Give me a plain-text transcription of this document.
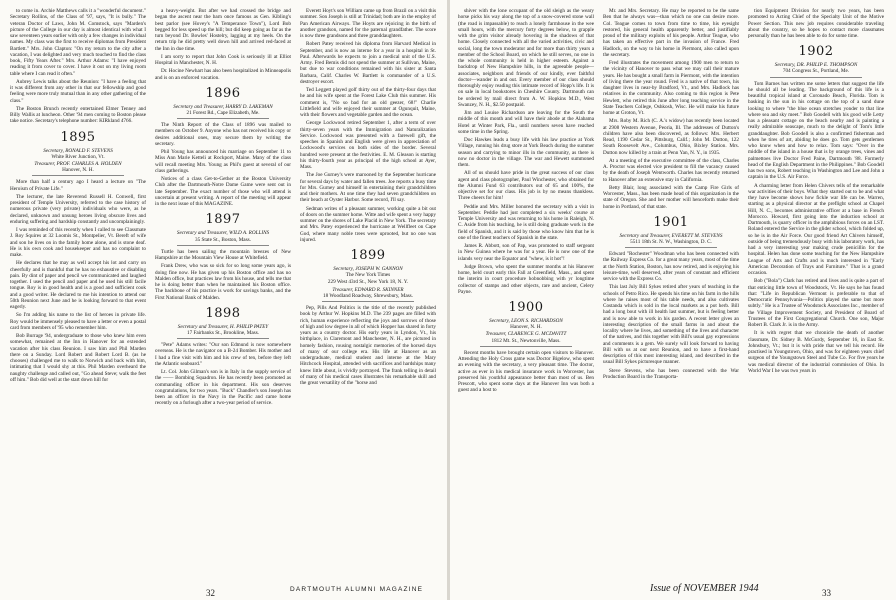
to come in. Archie Matthews calls it a "wonderful document." Secretary Rollins, of the Class of '97, says, "It is bully." The veteran Doctor of Laws, John M. Comstock, says "Marden's picture of the College in our day is almost identical with what I saw seventeen years earlier with only a few changes in individual names. My class was the first to receive diplomas from President Bartlett." Mrs. John Clapton: "On my return to the city after a vacation, I was delighted and very much touched to find the class book, Fifty Years After." Mrs. Arthur Adams: "I have enjoyed reading it from cover to cover. I have it out on my living room table where I can read it often."

Aubrey Lewis talks about the Reunion: "I have a feeling that it was different from any other in that our fellowship and good feeling were more truly mutual than in any other gathering of the class."

The Boston Brunch recently entertained Elmer Tenney and Billy Wallis at luncheon. Other '94 men coming to Boston please take notice. Secretary's telephone number: KIRkland 4766.

1895
Secretary, RONALD F. STEVENS
White River Junction, Vt.
Treasurer, PROF. CHARLES A. HOLDEN
Hanover, N. H.

More than half a century ago I heard a lecture on "The Heroism of Private Life."

The lecturer, the late Reverend Russell H. Conwell, first president of Temple University, referred to the case history of numerous private (very private) individuals who were, as he declared, unknown and unsung heroes living obscure lives and enduring suffering and hardship constantly and uncomplainingly.

I was reminded of this recently when I called to see Classmate J. Roy Squires at 32 Loomis St., Montpelier, Vt. Bereft of wife and son he lives on in the family home alone, and is stone deaf. He is his own cook and housekeeper and has no complaint to make.

He declares that he may as well accept his lot and carry on cheerfully and is thankful that he has no exhaustive or disabling pain. By dint of paper and pencil we communicated and laughed together. I used the pencil and paper and he used his still facile tongue. Roy is in good health and is a good and sufficient cook and a good writer. He declared to me his intention to attend our 50th Reunion next June and he is looking forward to that event eagerly.

So I'm adding his name to the list of heroes in private life. Roy would be immensely pleased to have a letter or even a postal card from members of '95 who remember him.

Bob Burrage '94, undergraduate to those who knew him even somewhat, remained at the Inn in Hanover for an extended vacation after his class Reunion. I saw him and Phil Marden there on a Sunday. Lord Robert and Robert Lord B. (as he chooses) challenged me to walk to Norwich and back with him, intimating that I would shy at this. Phil Marden overheard the naughty challenge and called out, "Go ahead Steve; walk the feet off him." Bob did well at the start down hill for

a heavy-weight. But after we had crossed the bridge and began the ascent near the barn once famous as Gen. Kibling's best parlor (see Hovey's "A Temperance Town"), Lord Bob begged for less speed up the hill; but did keep going as far as the turn beyond Dr. Bowles' Hostelry, lagging at my heels. On the return trip he did pretty well down hill and arrived red-faced at the Inn in due time.

I am sorry to report that John Cook is seriously ill at Elliot Hospital in Manchester, N. H.

Dr. Hocine Newhart has also been hospitalized in Minneapolis and is on an enforced vacation.

1896
Secretary and Treasurer, HARRY D. LAKEMAN
21 Forest Rd., Cape Elizabeth, Me.

The Ninth Report of the Class of 1896 was mailed to members on October 9. Anyone who has not received his copy or desires additional ones, may secure them by writing the secretary.

Phil Young has announced his marriage on September 11 to Miss Ann Marie Ketteli at Rockport, Maine. Many of the class will recall meeting Mrs. Young as Phil's guest at several of our class gatherings.

Notices of a class Get-to-Gether at the Boston University Club after the Dartmouth-Notre Dame Game were sent out in late September. The exact number of those who will attend is uncertain at present writing. A report of the meeting will appear in the next issue of this MAGAZINE.

1897
Secretary and Treasurer, WILD A. ROLLINS
35 State St., Boston, Mass.

Turtle has been sailing the mountain breezes of New Hampshire at the Mountain View House at Whitefield.

Frank Drew, who was so sick for so long some years ago, is doing fine now. He has given up his Boston office and has no Malden office, but practices law from his house, and tells me that he is doing better than when he maintained his Boston office. The backbone of his practice is work for savings banks, and the First National Bank of Malden.

1898
Secretary and Treasurer, H. PHILIP PATEY
17 Fairbanks St., Brookline, Mass.

"Pete" Adams writes: "Our son Edmund is now somewhere overseas. He is the navigator on a B-24 Bomber. His mother and I had a fine visit with him and his crew of ten, before they left the Atlantic seaboard."

Lt. Col. John Gilman's son is in Italy in the supply service of the —— Bombing Squadron. He has recently been promoted as commanding officer in his department. His son deserves congratulations, for two years. "Buck" Chandler's son Joseph has been an officer in the Navy in the Pacific and came home recently on a furlough after a two-year period of service.

Everett Hoyt's son William came up from Brazil on a visit this summer. Son Joseph is still at Trinidad; both are in the employ of Pan American Airways. The Hoyts are rejoicing in the birth of another grandson, named for the paternal grandfather. The score is now three grandsons and three granddaughters.

Robert Patey received his diploma from Harvard Medical in September, and is now an interne for a year in a hospital in St. Paul. Afterwards he expects to join a medical unit of the U.S. Army. Fred Bemis did not spend the summer at Sullivan, Maine, but due to war conditions remained with his sister at Santa Barbara, Calif. Charles W. Bartlett is commander of a U.S. destroyer escort.

Ted Leggett played golf thirty out of the thirty-four days that he and his wife spent at the Forest Lake Club this summer. His comment is, "No so bad for an old geezer, 68!" Charlie Littlefield and wife enjoyed their summer at Ogunquit, Maine, with their flowers and vegetable garden and the ocean.

George Lockwood retired September 1, after a term of over thirty-seven years with the Immigration and Naturalization Service. Lockwood was presented with a farewell gift, the speeches in Spanish and English were given in appreciation of Lockwood's services on both sides of the border. Several hundred were present at the festivities. E. M. Gleason is starting his thirty-fourth year as principal of the high school at Ayer, Mass.

The Joe Gurney's were marooned by the September hurricane for several days by water and fallen trees. Joe reports a busy time for Mrs. Gurney and himself in entertaining their grandchildren and their mothers. At one time they had seven grandchildren on their beach at Oyster Harbor. Some record, I'll say.

Sedman writes of a pleasant summer, working quite a bit out of doors on the summer home. Witte and wife spent a very happy summer on the shores of Lake Placid in New York. The secretary and Mrs. Patey experienced the hurricane at Wellfleet on Cape God, where many noble trees were uprooted, but no one was injured.

1899
Secretary, JOSEPH W. GANNON
The New York Times
229 West 43rd St., New York 18, N. Y.
Treasurer, EDWARD R. SKINNER
18 Woodland Roadway, Shrewsbury, Mass.

Pep, Pills And Politics is the title of the recently published book by Arthur W. Hopkins M.D. The 239 pages are filled with rich, human experience reflecting the joys and sorrows of those of high and low degree in all of which Hopper has shared in forty years as a country doctor. His early years in Lyndon, Vt., his birthplace, in Claremont and Manchester, N. H., are pictured in homely fashion, rousing nostalgic memories of the horsed days of many of our college era. His life at Hanover as an undergraduate, medical student and interne at the Mary Hitchcock Hospital, attended with sacrifices and hardships many knew little about, is vividly portrayed. The frank telling in detail of many of his medical cases illustrates his remarkable skill and the great versatility of the "horse and

32	DARTMOUTH ALUMNI MAGAZINE

shiver with the lone occupant of the old sleigh as the weary horse picks his way along the top of a snow-covered stone wall (the road is impassable) to reach a lonely farmhouse in the wee small hours, with the mercury forty degrees below, to grapple with the grim visitor already hovering in the shadows of that home. Closely connected with all the varied activities, civic and social, long the town moderator and for more than thirty years a member of the School Board, on which he still serves, no one in the whole community is held in higher esteem. Against a backdrop of New Hampshire hills, in the agreeable people—associates, neighbors and friends of our kindly, ever faithful doctor—wander in and out. Every member of our class should thoroughly enjoy reading this intimate record of Hopp's life. It is on sale in local bookstores in Cheshire County. Dartmouth can be ordered by mail direct from A. W. Hopkins M.D., West Swanzey, N. H., $2.50 postpaid.

Jim and Louise Richardson are leaving for the South the middle of this month and will have their abode at the Alabama Hotel at Winter Park, Fla., until numbers seven have reached some time in the Spring.

Doc Hawkes leads a busy life with his law practice at York Village, running his drug store at York Beach during the summer season and carrying to minor ills in the community, as there is now no doctor in the village. The war and Hewett summoned them.

All of us should have pride in the great success of our class agent and class photographer, Paul Winchester, who obtained for the Alumni Fund 63 contributors out of 65 and 100%, the objective set for our class. His job is by no means thankless. Three cheers for him!

Peddie and Mrs. Miller honored the secretary with a visit in September. Peddie had just completed a six weeks' course at Temple University and was returning to his home in Raleigh, N. C. Aside from his teaching, he is still doing graduate work in the field of Spanish, and it is said by those who know him that he is one of the finest teachers of Spanish in the state.

James R. Abbott, son of Pap, was promoted to staff sergeant in New Guinea where he was for a year. He is now one of the islands very near the Equator and "whew, is it hot"!

Judge Brown, who spent the summer months at his Hanover home, held court early this Fall at Greenfield, Mass., and spent the interim in court procedure hobnobbing with yr longtime collector of stamps and other objects, rare and ancient, Celery Payne.

1900
Secretary, LEON S. RICHARDSON
Hanover, N. H.
Treasurer, CLARENCE G. MCDAVITT
1812 Mt. St., Newtonville, Mass.

Recent months have brought certain open visitors to Hanover. Attending the Holy Cross game was Doctor Bigelow, who spent an evening with the secretary, a very pleasant time. The doctor, active as ever in his medical insurance work in Worcester, has preserved his youthful appearance better than most of us. Ben Prescott, who spent some days at the Hanover Inn was both a guest and a host to

Mr. and Mrs. Secretary. He may be reported to be the same Ben that he always was—than which no one can desire more. Col. Teague comes to town from time to time, his eyesight restored, his general health apparently better, and justifiably proud of the military exploits of his people. Arthur Teague, who has taken an effective part in the invasion of France. Fred Hadlock, on the way to his home in Piermont, also called upon the secretary.

Fred illustrates the movement among 1900 men to return to the vicinity of Hanover to pass what we may call their mature years. He has bought a small farm in Piermont, with the intention of living there the year round. Fred is a native of that town, his daughter lives in near-by Bradford, Vt., and Mrs. Hadlock has relatives in the community. Also coming to this region is Pete Hewlett, who retired this June after long teaching service in the State Teachers College, Oshkosh, Wisc. He will make his future home at Groton, Vt.

Mrs. Roby M. Rich (C. A.'s widow) has recently been located at 2908 Western Avenue, Peoria, Ill. The addresses of Dutton's children have also been discovered, as follows: Mrs. Herbert Read, 1190 Cedar St., Pittsburg, Calif.; John M. Dutton, 122 South Roosevelt Ave., Columbus, Ohio, Bixley Station. Mrs. Dutton now killed by a train at Penn Yan, N. Y., in 1935.

At a meeting of the executive committee of the class, Charles A. Proctor was elected vice president to fill the vacancy caused by the death of Joseph Wentworth. Charles has recently returned to Hanover after an extensive stay in California.

Betty Blair, long associated with the Camp Fire Girls of Worcester, Mass., has been made head of this organization in the state of Oregon. She and her mother will henceforth make their home in Portland, of that state.

1901
Secretary and Treasurer, EVERETT M. STEVENS
5511 18th St. N. W., Washington, D. C.

Edward "Rochester" Woodman who has been connected with the Railway Express Co. for a great many years, most of the time at the North Station, Boston, has now retired, and is enjoying his leisure-time, well deserved, after years of constant and efficient service with the Express Co.

This last July Bill Sykes retired after years of teaching in the schools of Petro Rico. He spends his time on his farm in the hills where he raises most of his table needs, and also cultivates Costanda which is sold in the local markets as a pot herb. Bill had a long bout with ill health last summer, but is feeling better and is now able to work in his garden. A recent letter gives an interesting description of the small farms in and about the locality where he lives, and something of the lives and character of the natives, and this together with Bill's usual gay expressions and comments is a gem. We surely will look forward to having Bill with us at our next Reunion, and to have a first-hand description of this most interesting island, and described in the usual Bill Sykes picturesque manner.

Steve Stevens, who has been connected with the War Production Board in the Transporta-

tion Equipment Division for nearly two years, has been promoted to Acting Chief of the Specialty Unit of the Motive Power Section. This new job requires considerable traveling about the country, so he hopes to contact more classmates personally than he has been able to do for some time.

1902
Secretary, DR. PHILIP E. THOMPSON
704 Congress St., Portland, Me.

Tom Barnes has written me some letters that suggest the life he should all be leading. The background of this life is a beautiful tropical island at Coronado Beach, Florida. Tom is basking in the sun in his cottage on the top of a sand dune looking to where "the blue ocean stretches yonder to that line where sea and sky meet." Bob Goodell with his good wife Letty has a pleasant cottage on the beach nearby and is painting a really admirable seascape, much to the delight of Tom's little granddaughter. Bob Goodell is also a confirmed fisherman and when he tires of art, abiding he does go. Tom gets gentlemen who know when and how to relax. Tom says: "Over in the middle of the island in a house that is by orange trees, vines and palmettoes live Doctor Fred Paine, Dartmouth '88. Formerly head of the English Department in the Philippines." Bob Goodell has two sons, Robert teaching in Washington and Lee and John a captain in the U.S. Air Force.

A charming letter from Helen Chivers tells of the remarkable war activities of their boys. What they started out to be and what they have become shows how fickle war life can be. Warren, starting as a physical director at the preflight school at Chapel Hill, N. C., becomes administrative officer at a base in French Morocco. Howard, first going into the induction school at Dartmouth, is quarry officer in the amphibious forces on an LST. Roland entered the Service in the glider school, which folded up, so he is in the Air Force. Our good friend Art Chivers himself, outside of being tremendously busy with his laboratory work, has had a very interesting year making crude penicillin for the hospital. Helen has done some teaching for the New Hampshire League of Arts and Crafts and is much interested in "Early American Decoration of Trays and Furniture." That is a grand occasion.

Bob ("Bola") Clark has retired and lives and is quite a part of that enticing little town of Woodstock, Vt. He says he has found that: "Life in Republican Vermont is preferable to that of Democratic Pennsylvania—Politics played the same but more subtly." He is a Trustee of Woodstock Associates Inc., member of the Village Improvement Society, and President of Board of Trustees of the First Congregational Church. One son, Major Robert B. Clark Jr. is in the Army.

It is with regret that we chronicle the death of another classmate, Dr. Sidney B. McGurdy, September 16, in East St. Johnsbury, Vt.; but it is with pride that we tell his record. He practised in Youngstown, Ohio, and was for eighteen years chief surgeon of the Youngstown Steel and Tube Co. For five years he was medical director of the industrial commission of Ohio. In World War I he was two years in

Issue of NOVEMBER 1944	33
